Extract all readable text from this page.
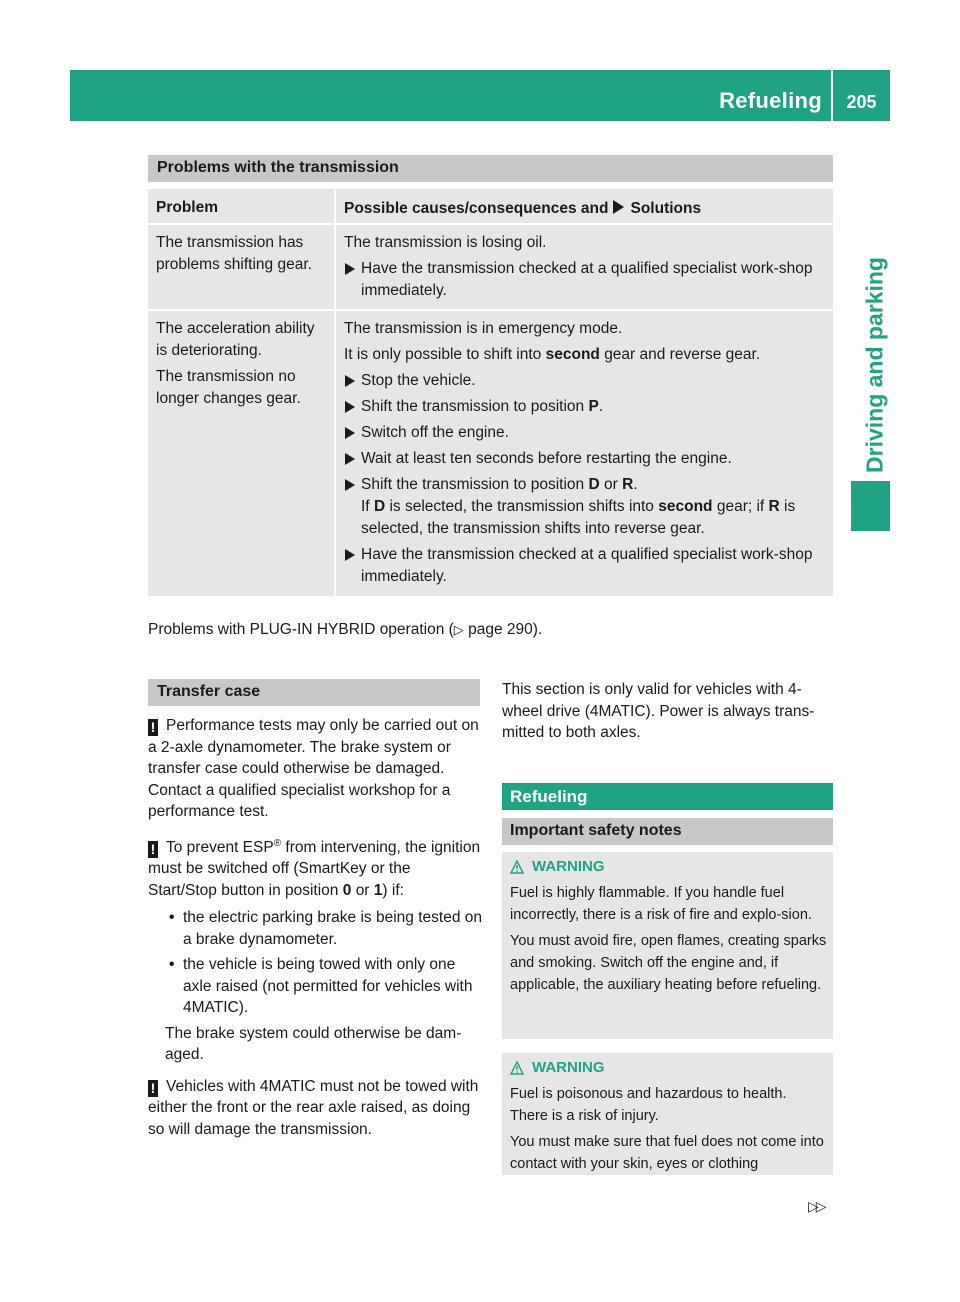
Refueling	205
Driving and parking
Problems with the transmission
Problem	Possible causes/consequences and Solutions
The transmission has problems shifting gear.
The transmission is losing oil.
Have the transmission checked at a qualified specialist work-shop immediately.
The acceleration ability is deteriorating.
The transmission no longer changes gear.
The transmission is in emergency mode.
It is only possible to shift into second gear and reverse gear.
Stop the vehicle.
Shift the transmission to position P.
Switch off the engine.
Wait at least ten seconds before restarting the engine.
Shift the transmission to position D or R.
If D is selected, the transmission shifts into second gear; if R is selected, the transmission shifts into reverse gear.
Have the transmission checked at a qualified specialist work-shop immediately.
Problems with PLUG-IN HYBRID operation (▷ page 290).
Transfer case
! Performance tests may only be carried out on a 2-axle dynamometer. The brake system or transfer case could otherwise be damaged. Contact a qualified specialist workshop for a performance test.
! To prevent ESP® from intervening, the ignition must be switched off (SmartKey or the Start/Stop button in position 0 or 1) if:
• the electric parking brake is being tested on a brake dynamometer.
• the vehicle is being towed with only one axle raised (not permitted for vehicles with 4MATIC).
The brake system could otherwise be dam-aged.
! Vehicles with 4MATIC must not be towed with either the front or the rear axle raised, as doing so will damage the transmission.
This section is only valid for vehicles with 4-wheel drive (4MATIC). Power is always trans-mitted to both axles.
Refueling
Important safety notes
WARNING
Fuel is highly flammable. If you handle fuel incorrectly, there is a risk of fire and explo-sion.
You must avoid fire, open flames, creating sparks and smoking. Switch off the engine and, if applicable, the auxiliary heating before refueling.
WARNING
Fuel is poisonous and hazardous to health. There is a risk of injury.
You must make sure that fuel does not come into contact with your skin, eyes or clothing
▷▷
